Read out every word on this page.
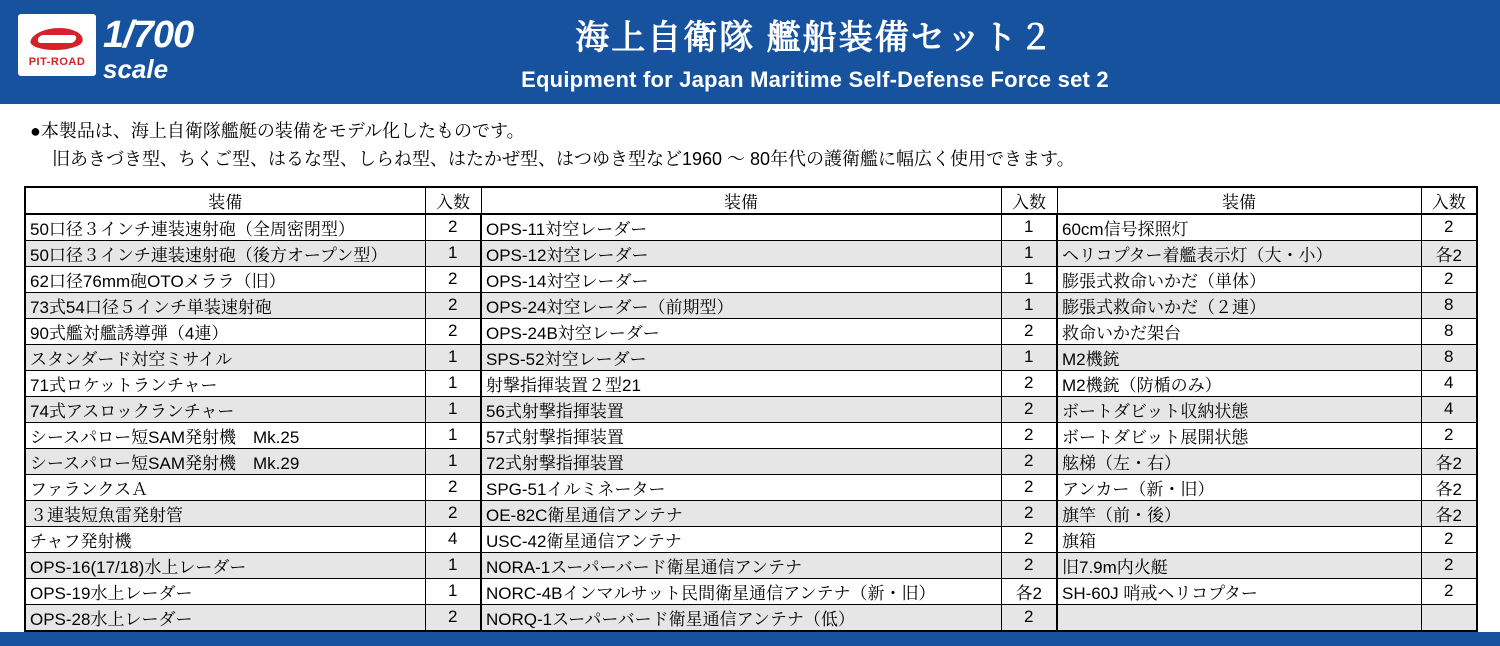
PIT-ROAD
1/700
scale
海上自衛隊 艦船装備セット２
Equipment for Japan Maritime Self-Defense Force set 2
●本製品は、海上自衛隊艦艇の装備をモデル化したものです。
旧あきづき型、ちくご型、はるな型、しらね型、はたかぜ型、はつゆき型など1960 〜 80年代の護衛艦に幅広く使用できます。
装備	入数	装備	入数	装備	入数
50口径３インチ連装速射砲（全周密閉型）	2	OPS-11対空レーダー	1	60cm信号探照灯	2
50口径３インチ連装速射砲（後方オープン型）	1	OPS-12対空レーダー	1	ヘリコプター着艦表示灯（大・小）	各2
62口径76mm砲OTOメララ（旧）	2	OPS-14対空レーダー	1	膨張式救命いかだ（単体）	2
73式54口径５インチ単装速射砲	2	OPS-24対空レーダー（前期型）	1	膨張式救命いかだ（２連）	8
90式艦対艦誘導弾（4連）	2	OPS-24B対空レーダー	2	救命いかだ架台	8
スタンダード対空ミサイル	1	SPS-52対空レーダー	1	M2機銃	8
71式ロケットランチャー	1	射撃指揮装置２型21	2	M2機銃（防楯のみ）	4
74式アスロックランチャー	1	56式射撃指揮装置	2	ボートダビット収納状態	4
シースパロー短SAM発射機　Mk.25	1	57式射撃指揮装置	2	ボートダビット展開状態	2
シースパロー短SAM発射機　Mk.29	1	72式射撃指揮装置	2	舷梯（左・右）	各2
ファランクスＡ	2	SPG-51イルミネーター	2	アンカー（新・旧）	各2
３連装短魚雷発射管	2	OE-82C衛星通信アンテナ	2	旗竿（前・後）	各2
チャフ発射機	4	USC-42衛星通信アンテナ	2	旗箱	2
OPS-16(17/18)水上レーダー	1	NORA-1スーパーバード衛星通信アンテナ	2	旧7.9m内火艇	2
OPS-19水上レーダー	1	NORC-4Bインマルサット民間衛星通信アンテナ（新・旧）	各2	SH-60J 哨戒ヘリコプター	2
OPS-28水上レーダー	2	NORQ-1スーパーバード衛星通信アンテナ（低）	2		
